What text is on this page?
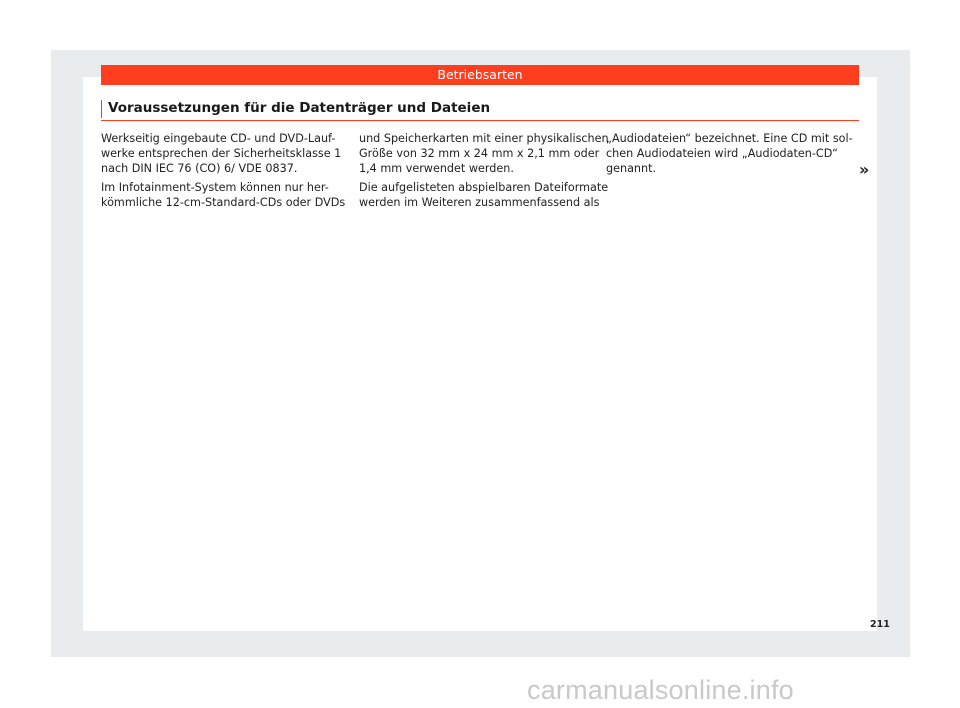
Betriebsarten
Voraussetzungen für die Datenträger und Dateien

Werkseitig eingebaute CD- und DVD-Lauf-
werke entsprechen der Sicherheitsklasse 1
nach DIN IEC 76 (CO) 6/ VDE 0837.

Im Infotainment-System können nur her-
kömmliche 12-cm-Standard-CDs oder DVDs

und Speicherkarten mit einer physikalischen
Größe von 32 mm x 24 mm x 2,1 mm oder
1,4 mm verwendet werden.

Die aufgelisteten abspielbaren Dateiformate
werden im Weiteren zusammenfassend als

„Audiodateien“ bezeichnet. Eine CD mit sol-
chen Audiodateien wird „Audiodaten-CD“
genannt.	»
211
carmanualsonline.info
